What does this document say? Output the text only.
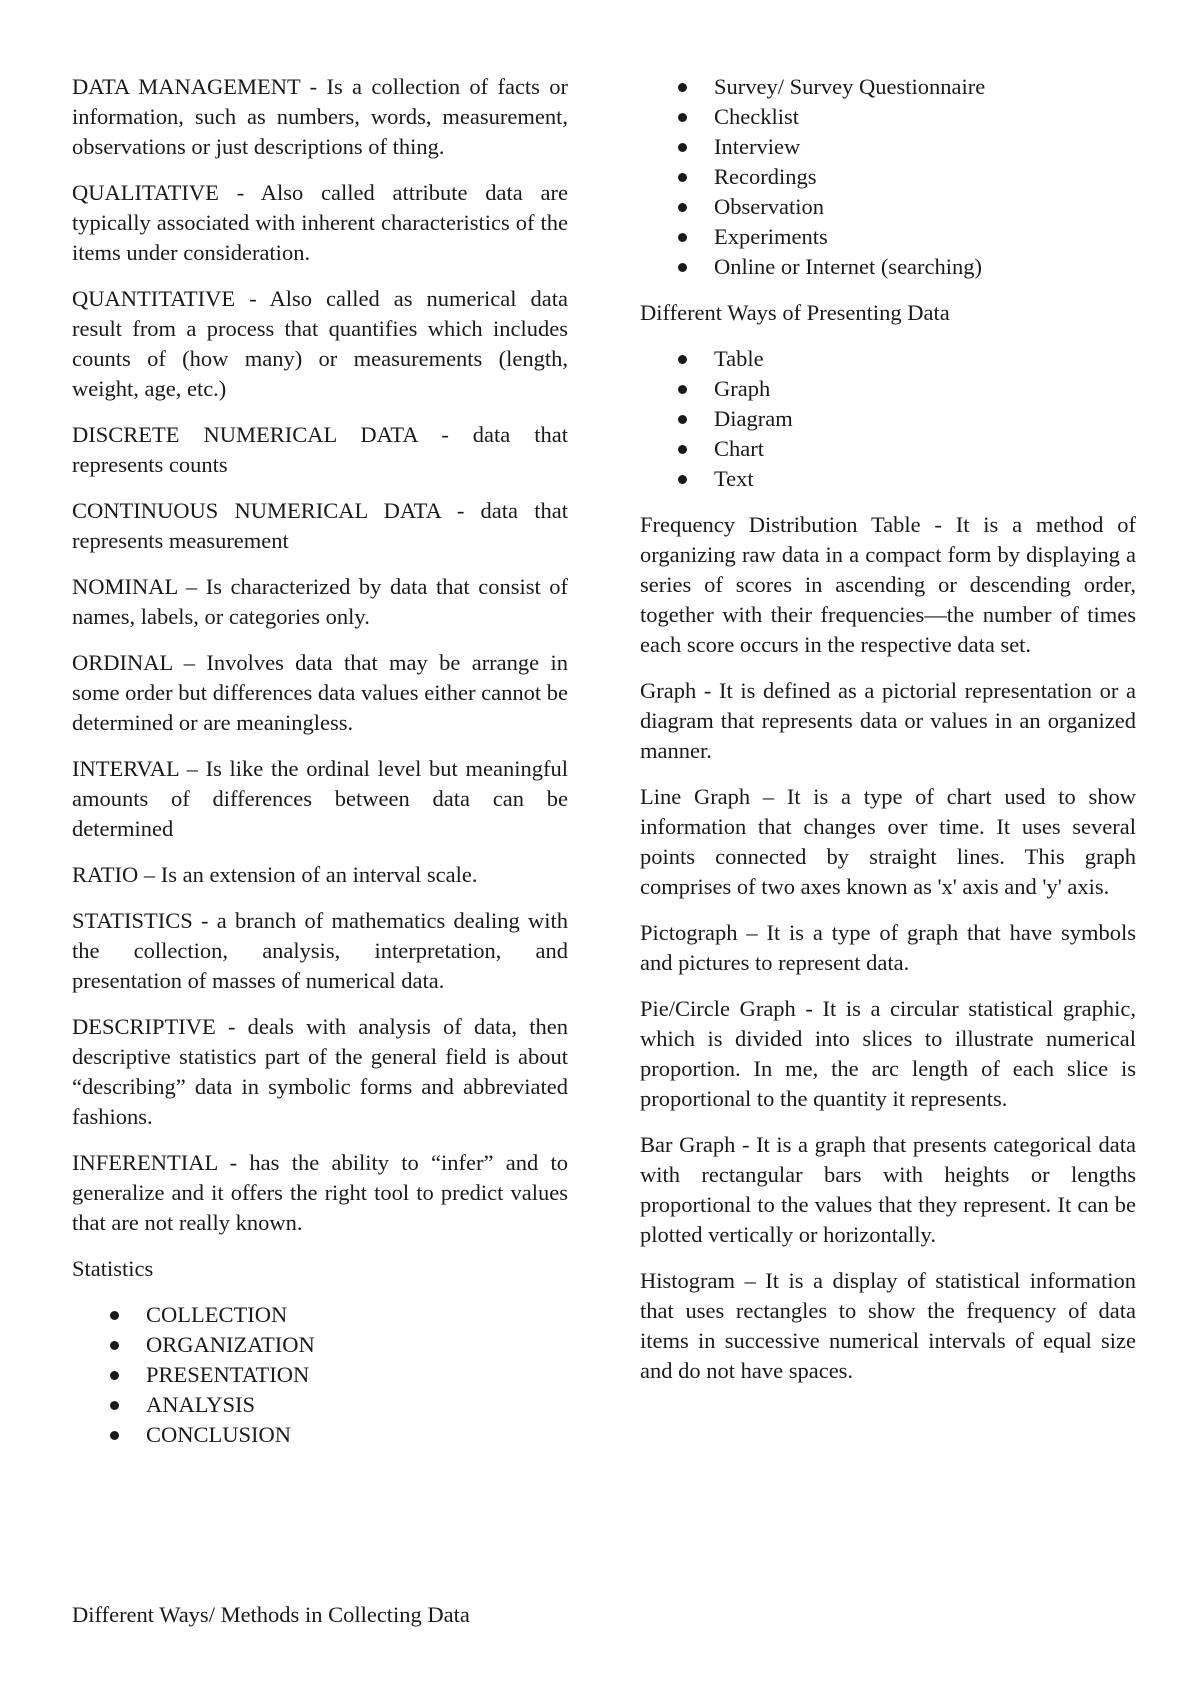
DATA MANAGEMENT - Is a collection of facts or information, such as numbers, words, measurement, observations or just descriptions of thing.

QUALITATIVE - Also called attribute data are typically associated with inherent characteristics of the items under consideration.

QUANTITATIVE - Also called as numerical data result from a process that quantifies which includes counts of (how many) or measurements (length, weight, age, etc.)

DISCRETE NUMERICAL DATA - data that represents counts

CONTINUOUS NUMERICAL DATA - data that represents measurement

NOMINAL – Is characterized by data that consist of names, labels, or categories only.

ORDINAL – Involves data that may be arrange in some order but differences data values either cannot be determined or are meaningless.

INTERVAL – Is like the ordinal level but meaningful amounts of differences between data can be determined

RATIO – Is an extension of an interval scale.

STATISTICS - a branch of mathematics dealing with the collection, analysis, interpretation, and presentation of masses of numerical data.

DESCRIPTIVE - deals with analysis of data, then descriptive statistics part of the general field is about “describing” data in symbolic forms and abbreviated fashions.

INFERENTIAL - has the ability to “infer” and to generalize and it offers the right tool to predict values that are not really known.

Statistics

COLLECTION
ORGANIZATION
PRESENTATION
ANALYSIS
CONCLUSION
Different Ways/ Methods in Collecting Data
Survey/ Survey Questionnaire
Checklist
Interview
Recordings
Observation
Experiments
Online or Internet (searching)

Different Ways of Presenting Data

Table
Graph
Diagram
Chart
Text

Frequency Distribution Table - It is a method of organizing raw data in a compact form by displaying a series of scores in ascending or descending order, together with their frequencies—the number of times each score occurs in the respective data set.

Graph - It is defined as a pictorial representation or a diagram that represents data or values in an organized manner.

Line Graph – It is a type of chart used to show information that changes over time. It uses several points connected by straight lines. This graph comprises of two axes known as 'x' axis and 'y' axis.

Pictograph – It is a type of graph that have symbols and pictures to represent data.

Pie/Circle Graph - It is a circular statistical graphic, which is divided into slices to illustrate numerical proportion. In me, the arc length of each slice is proportional to the quantity it represents.

Bar Graph - It is a graph that presents categorical data with rectangular bars with heights or lengths proportional to the values that they represent. It can be plotted vertically or horizontally.

Histogram – It is a display of statistical information that uses rectangles to show the frequency of data items in successive numerical intervals of equal size and do not have spaces.
